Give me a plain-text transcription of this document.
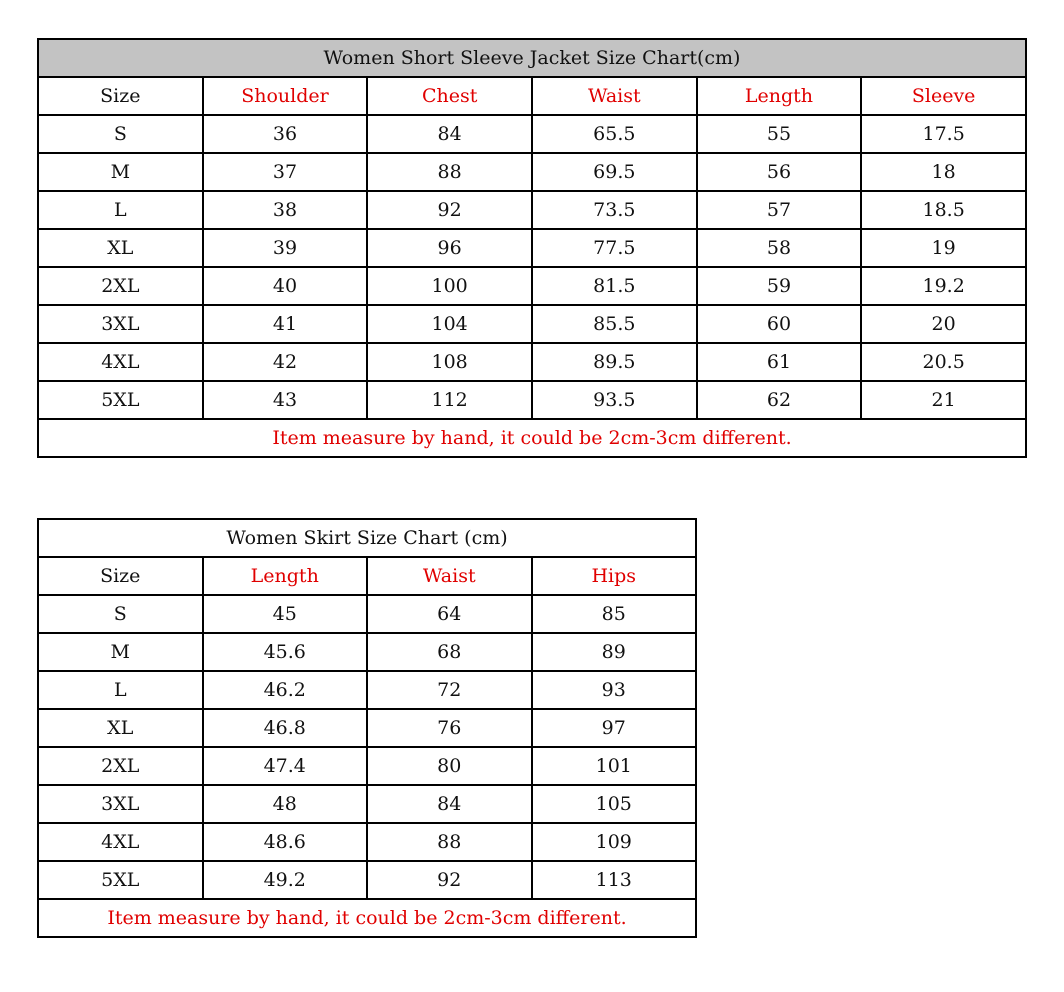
Women Short Sleeve Jacket Size Chart(cm)					
Size	Shoulder	Chest	Waist	Length	Sleeve
S	36	84	65.5	55	17.5
M	37	88	69.5	56	18
L	38	92	73.5	57	18.5
XL	39	96	77.5	58	19
2XL	40	100	81.5	59	19.2
3XL	41	104	85.5	60	20
4XL	42	108	89.5	61	20.5
5XL	43	112	93.5	62	21
Item measure by hand, it could be 2cm-3cm different.					
Women Skirt Size Chart (cm)			
Size	Length	Waist	Hips
S	45	64	85
M	45.6	68	89
L	46.2	72	93
XL	46.8	76	97
2XL	47.4	80	101
3XL	48	84	105
4XL	48.6	88	109
5XL	49.2	92	113
Item measure by hand, it could be 2cm-3cm different.			
